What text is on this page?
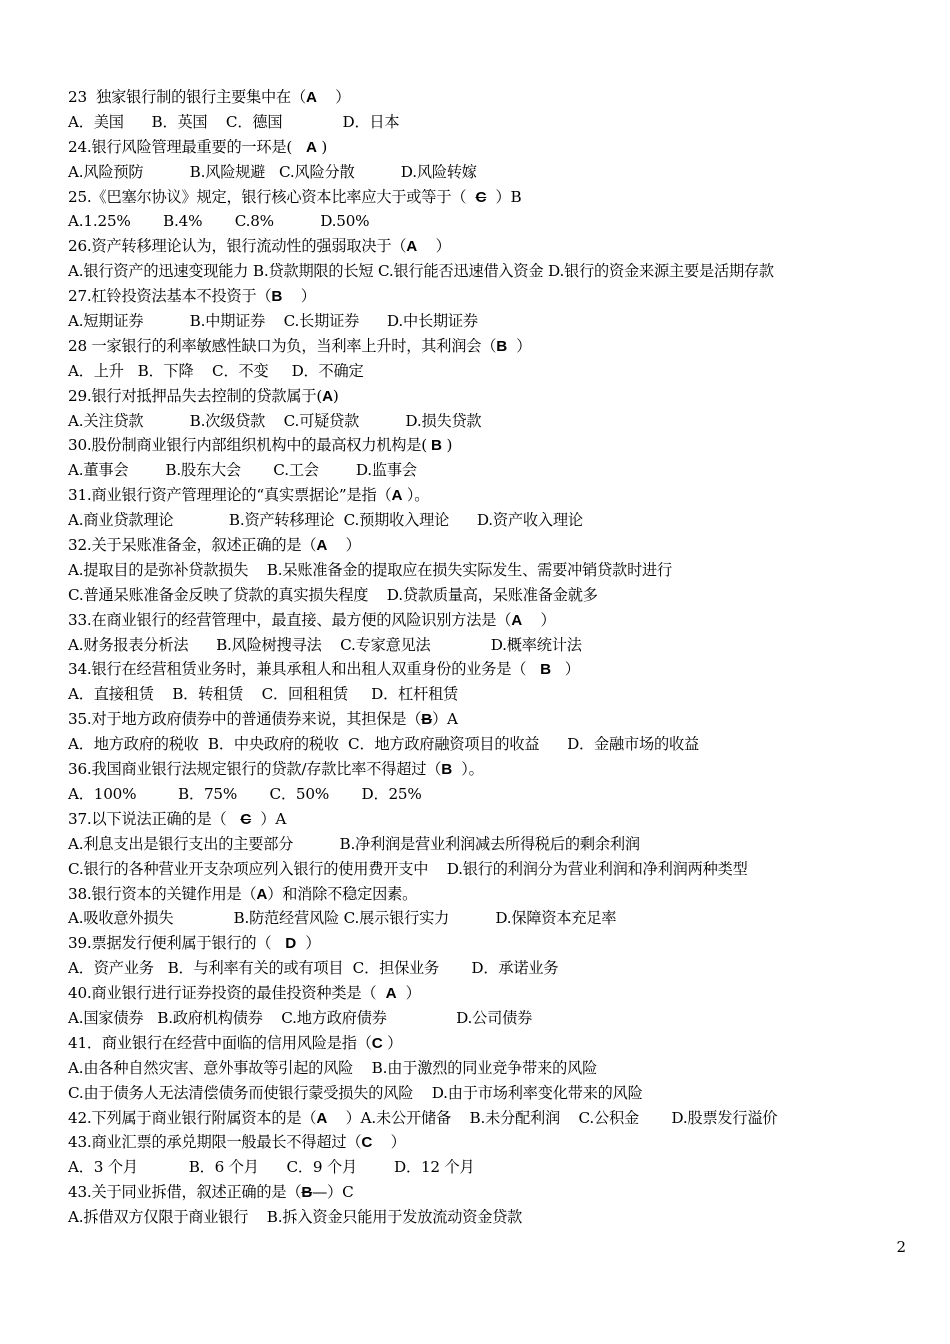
23  独家银行制的银行主要集中在（A    ）
A．美国      B．英国    C．德国             D．日本
24.银行风险管理最重要的一环是(   A )
A.风险预防          B.风险规避   C.风险分散          D.风险转嫁
25.《巴塞尔协议》规定，银行核心资本比率应大于或等于（  C  ）B
A.1.25%       B.4%       C.8%          D.50%
26.资产转移理论认为，银行流动性的强弱取决于（A    ）
A.银行资产的迅速变现能力 B.贷款期限的长短 C.银行能否迅速借入资金 D.银行的资金来源主要是活期存款
27.杠铃投资法基本不投资于（B    ）
A.短期证券          B.中期证券    C.长期证券      D.中长期证券
28 一家银行的利率敏感性缺口为负，当利率上升时，其利润会（B  ）
A．上升   B．下降    C．不变     D．不确定
29.银行对抵押品失去控制的贷款属于(A)
A.关注贷款          B.次级贷款    C.可疑贷款          D.损失贷款
30.股份制商业银行内部组织机构中的最高权力机构是( B )
A.董事会        B.股东大会       C.工会        D.监事会
31.商业银行资产管理理论的“真实票据论”是指（A ）。
A.商业贷款理论            B.资产转移理论  C.预期收入理论      D.资产收入理论
32.关于呆账准备金，叙述正确的是（A    ）
A.提取目的是弥补贷款损失    B.呆账准备金的提取应在损失实际发生、需要冲销贷款时进行
C.普通呆账准备金反映了贷款的真实损失程度    D.贷款质量高，呆账准备金就多
33.在商业银行的经营管理中，最直接、最方便的风险识别方法是（A    ）
A.财务报表分析法      B.风险树搜寻法    C.专家意见法             D.概率统计法
34.银行在经营租赁业务时，兼具承租人和出租人双重身份的业务是（   B   ）
A．直接租赁    B．转租赁    C．回租租赁     D．杠杆租赁
35.对于地方政府债券中的普通债券来说，其担保是（B）A
A．地方政府的税收  B．中央政府的税收  C．地方政府融资项目的收益      D．金融市场的收益
36.我国商业银行法规定银行的贷款/存款比率不得超过（B  ）。
A．100%         B．75%       C．50%       D．25%
37.以下说法正确的是（   C  ）A
A.利息支出是银行支出的主要部分          B.净利润是营业利润减去所得税后的剩余利润
C.银行的各种营业开支杂项应列入银行的使用费开支中    D.银行的利润分为营业利润和净利润两种类型
38.银行资本的关键作用是（A）和消除不稳定因素。
A.吸收意外损失             B.防范经营风险 C.展示银行实力          D.保障资本充足率
39.票据发行便利属于银行的（   D  ）
A．资产业务   B．与利率有关的或有项目  C．担保业务       D．承诺业务
40.商业银行进行证券投资的最佳投资种类是（  A  ）
A.国家债券   B.政府机构债券    C.地方政府债券               D.公司债券
41．商业银行在经营中面临的信用风险是指（C ）
A.由各种自然灾害、意外事故等引起的风险    B.由于激烈的同业竞争带来的风险
C.由于债务人无法清偿债务而使银行蒙受损失的风险    D.由于市场利率变化带来的风险
42.下列属于商业银行附属资本的是（A    ）A.未公开储备    B.未分配利润    C.公积金       D.股票发行溢价
43.商业汇票的承兑期限一般最长不得超过（C    ）
A．3 个月           B．6 个月      C．9 个月        D．12 个月
43.关于同业拆借，叙述正确的是（B—）C
A.拆借双方仅限于商业银行    B.拆入资金只能用于发放流动资金贷款
2
